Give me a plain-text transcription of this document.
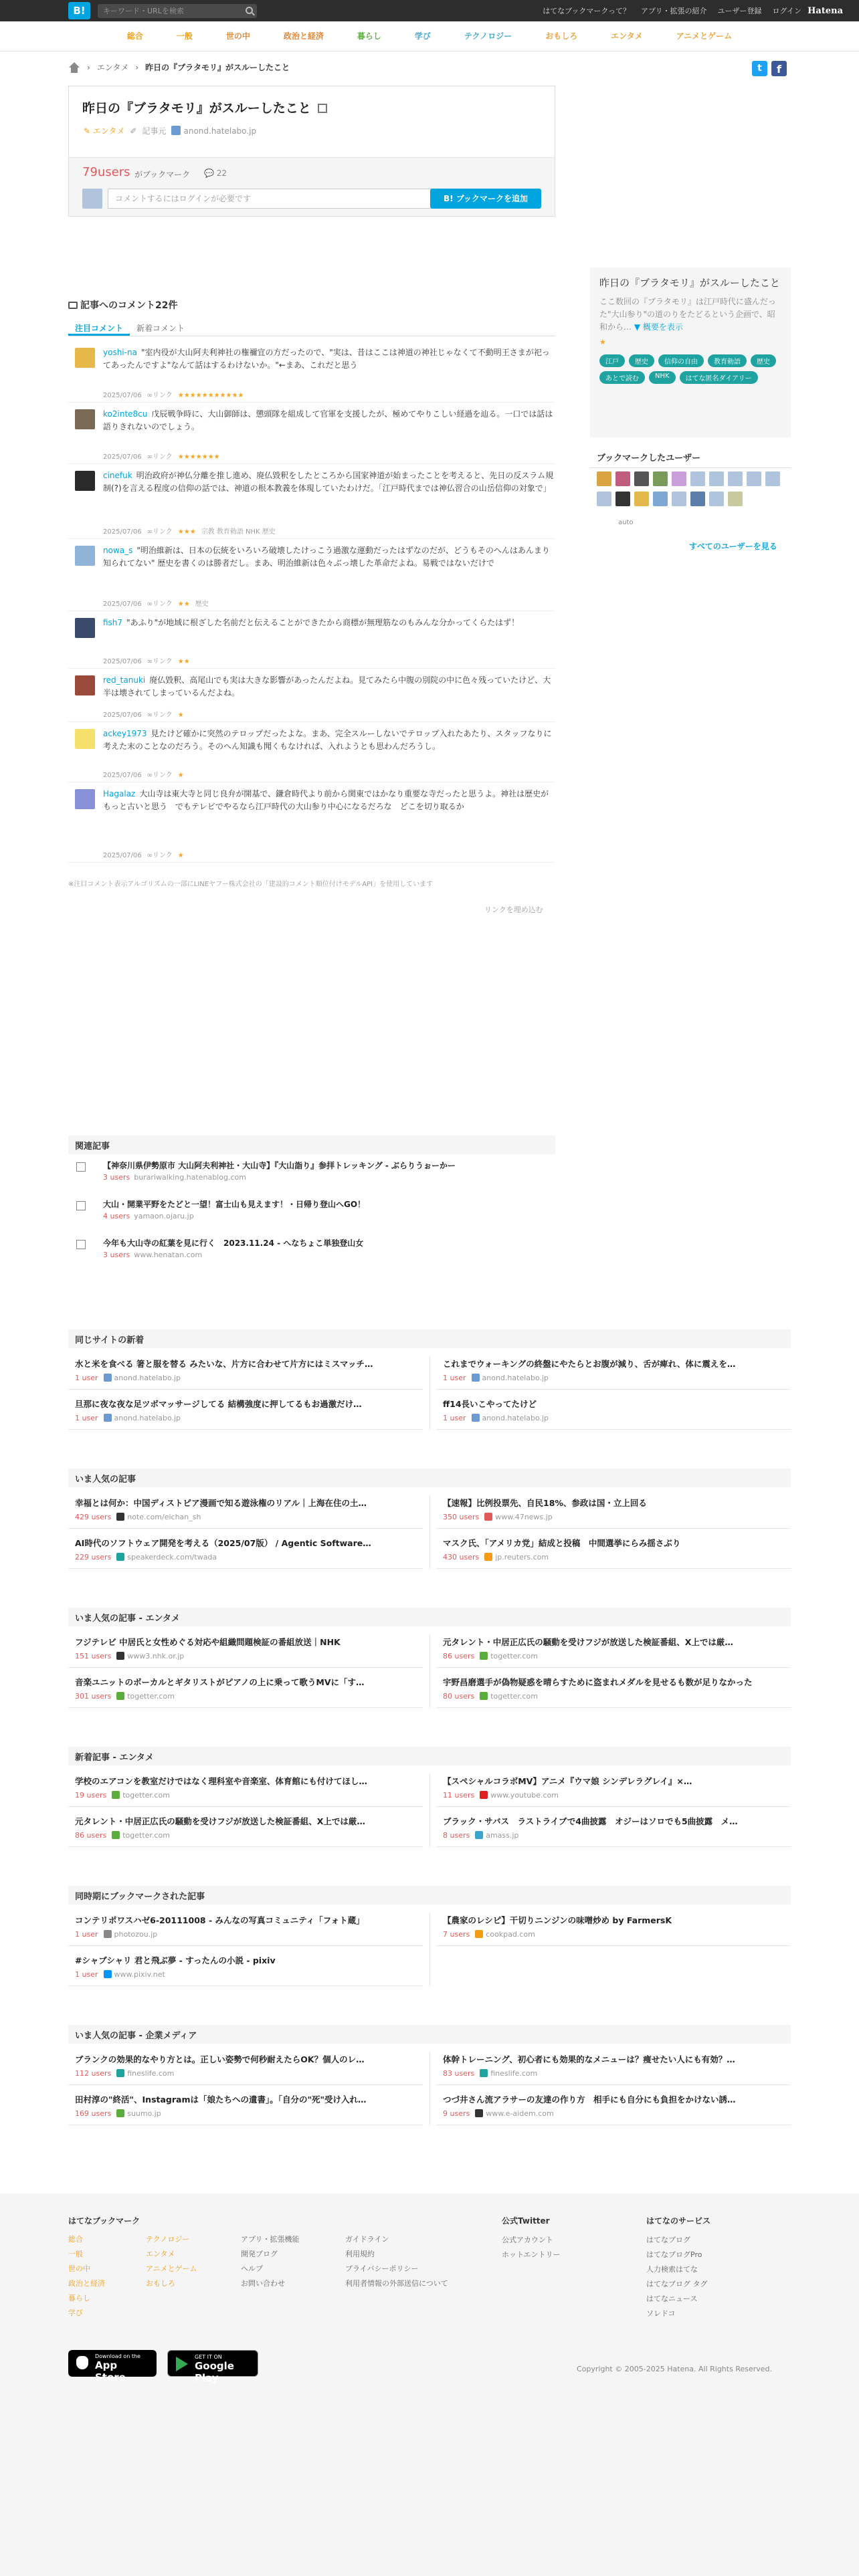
B!	キーワード・URLを検索	はてなブックマークって？ アプリ・拡張の紹介 ユーザー登録 ログイン Hatena
総合	一般	世の中	政治と経済	暮らし	学び	テクノロジー	おもしろ	エンタメ	アニメとゲーム
› エンタメ › 昨日の『ブラタモリ』がスルーしたこと	t	f
昨日の『ブラタモリ』がスルーしたこと
✎ エンタメ ✐ 記事元	anond.hatelabo.jp
79users がブックマーク 💬 22
コメントするにはログインが必要です	B! ブックマークを追加
昨日の『ブラタモリ』がスルーしたこと
ここ数回の『ブラタモリ』は江戸時代に盛んだった"大山参り"の道のりをたどるという企画で、昭和から… ▼ 概要を表示
★
江戸	歴史	信仰の自由	教育勅語	歴史
あとで読む	NHK	はてな匿名ダイアリー
ブックマークしたユーザー
auto
すべてのユーザーを見る
記事へのコメント22件
注目コメント	新着コメント
yoshi-na "室内役が大山阿夫利神社の権禰宜の方だったので、"実は、昔はここは神道の神社じゃなくて不動明王さまが祀ってあったんですよ"なんて話はするわけないか。"←まあ、これだと思う
2025/07/06 ∞リンク ★★★★★★★★★★★
ko2inte8cu 戊辰戦争時に、大山御師は、懲頭隊を組成して官軍を支援したが、極めてやりこしい経過を辿る。一口では話は語りきれないのでしょう。
2025/07/06 ∞リンク ★★★★★★★
cinefuk 明治政府が神仏分離を推し進め、廃仏毀釈をしたところから国家神道が始まったことを考えると、先日の反スラム規制(?)を言える程度の信仰の話では、神道の根本教義を体現していたわけだ。「江戸時代までは神仏習合の山岳信仰の対象で」
2025/07/06 ∞リンク ★★★ 宗教 教育勅語 NHK 歴史
nowa_s "明治維新は、日本の伝統をいろいろ破壊したけっこう過激な運動だったはずなのだが、どうもそのへんはあんまり知られてない" 歴史を書くのは勝者だし。まあ、明治維新は色々ぶっ壊した革命だよね。易戦ではないだけで
2025/07/06 ∞リンク ★★ 歴史
fish7 "あふり"が地域に根ざした名前だと伝えることができたから商標が無理筋なのもみんな分かってくらたはず！
2025/07/06 ∞リンク ★★
red_tanuki 廃仏毀釈、高尾山でも実は大きな影響があったんだよね。見てみたら中腹の別院の中に色々残っていたけど、大半は壊されてしまっているんだよね。
2025/07/06 ∞リンク ★
ackey1973 見たけど確かに突然のテロップだったよな。まあ、完全スルーしないでテロップ入れたあたり、スタッフなりに考えた末のことなのだろう。そのへん知識も聞くもなければ、入れようとも思わんだろうし。
2025/07/06 ∞リンク ★
Hagalaz 大山寺は東大寺と同じ良弁が開基で、鎌倉時代より前から関東ではかなり重要な寺だったと思うよ。神社は歴史がもっと古いと思う　でもテレビでやるなら江戸時代の大山参り中心になるだろな　どこを切り取るか
2025/07/06 ∞リンク ★
※注目コメント表示アルゴリズムの一部にLINEヤフー株式会社の「建設的コメント順位付けモデルAPI」を使用しています
リンクを埋め込む
関連記事
【神奈川県伊勢原市 大山阿夫利神社・大山寺】『大山詣り』参拝トレッキング - ぶらりうぉーかー
3 users burariwalking.hatenablog.com
大山・開業平野をたどと一望！富士山も見えます！・日帰り登山へGO！
4 users yamaon.ojaru.jp
今年も大山寺の紅葉を見に行く　2023.11.24 - へなちょこ単独登山女
3 users www.henatan.com
同じサイトの新着
水と米を食べる 箸と服を替る みたいな、片方に合わせて片方にはミスマッチ…
1 user anond.hatelabo.jp
これまでウォーキングの終盤にやたらとお腹が減り、舌が痺れ、体に震えを…
1 user anond.hatelabo.jp
旦那に夜な夜な足ツボマッサージしてる 結構強度に押してるもお過激だけ…
1 user anond.hatelabo.jp
ff14長いこやってたけど
1 user anond.hatelabo.jp
いま人気の記事
幸福とは何か：中国ディストピア漫画で知る遊泳権のリアル｜上海在住の土…
429 users note.com/eichan_sh
【速報】比例投票先、自民18%、参政は国・立上回る
350 users www.47news.jp
AI時代のソフトウェア開発を考える（2025/07版） / Agentic Software…
229 users speakerdeck.com/twada
マスク氏、「アメリカ党」結成と投稿　中間選挙にらみ揺さぶり
430 users jp.reuters.com
いま人気の記事 - エンタメ
フジテレビ 中居氏と女性めぐる対応や組織問題検証の番組放送｜NHK
151 users www3.nhk.or.jp
元タレント・中居正広氏の騒動を受けフジが放送した検証番組、X上では厳…
86 users togetter.com
音楽ユニットのボーカルとギタリストがピアノの上に乗って歌うMVに「す…
301 users togetter.com
宇野昌磨選手が偽物疑惑を晴らすために盗まれメダルを見せるも数が足りなかった
80 users togetter.com
新着記事 - エンタメ
学校のエアコンを教室だけではなく理科室や音楽室、体育館にも付けてほし…
19 users togetter.com
【スペシャルコラボMV】アニメ『ウマ娘 シンデレラグレイ』×…
11 users www.youtube.com
元タレント・中居正広氏の騒動を受けフジが放送した検証番組、X上では厳…
86 users togetter.com
ブラック・サバス　ラストライブで4曲披露　オジーはソロでも5曲披露　メ…
8 users amass.jp
同時期にブックマークされた記事
コンテリポワスハゼ6-20111008 - みんなの写真コミュニティ「フォト蔵」
1 user photozou.jp
【農家のレシピ】干切りニンジンの味噌炒め by FarmersK
7 users cookpad.com
#シャブシャリ 君と飛ぶ夢 - すったんの小説 - pixiv
1 user www.pixiv.net
いま人気の記事 - 企業メディア
ブランクの効果的なやり方とは。正しい姿勢で何秒耐えたらOK？個人のレ…
112 users fineslife.com
体幹トレーニング、初心者にも効果的なメニューは？痩せたい人にも有効？…
83 users fineslife.com
田村淳の"終活"、Instagramは「娘たちへの遺書」。「自分の"死"受け入れ…
169 users suumo.jp
つづ井さん流アラサーの友達の作り方　相手にも自分にも負担をかけない誘…
9 users www.e-aidem.com
はてなブックマーク
総合
一般
世の中
政治と経済
暮らし
学び
テクノロジー
エンタメ
アニメとゲーム
おもしろ
アプリ・拡張機能
開発ブログ
ヘルプ
お問い合わせ
ガイドライン
利用規約
プライバシーポリシー
利用者情報の外部送信について
公式Twitter
公式アカウント
ホットエントリー
はてなのサービス
はてなブログ
はてなブログPro
人力検索はてな
はてなブログ タグ
はてなニュース
ソレドコ
Download on the
App Store
GET IT ON
Google Play
Copyright © 2005-2025 Hatena. All Rights Reserved.
